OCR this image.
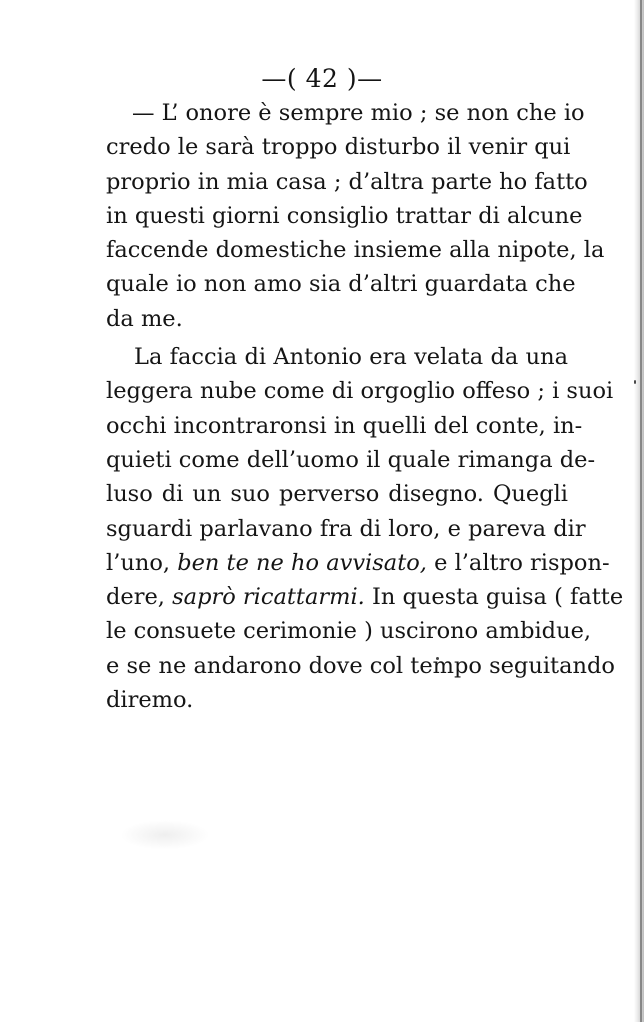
—( 42 )—
— L’ onore è sempre mio ; se non che io
credo le sarà troppo disturbo il venir qui
proprio in mia casa ; d’altra parte ho fatto
in questi giorni consiglio trattar di alcune
faccende domestiche insieme alla nipote, la
quale io non amo sia d’altri guardata che
da me.
La faccia di Antonio era velata da una
leggera nube come di orgoglio offeso ; i suoi
occhi incontraronsi in quelli del conte, in-
quieti come dell’uomo il quale rimanga de-
luso di un suo perverso disegno. Quegli
sguardi parlavano fra di loro, e pareva dir
l’uno, ben te ne ho avvisato, e l’altro rispon-
dere, saprò ricattarmi. In questa guisa ( fatte
le consuete cerimonie ) uscirono ambidue,
e se ne andarono dove col tempo seguitando
diremo.
